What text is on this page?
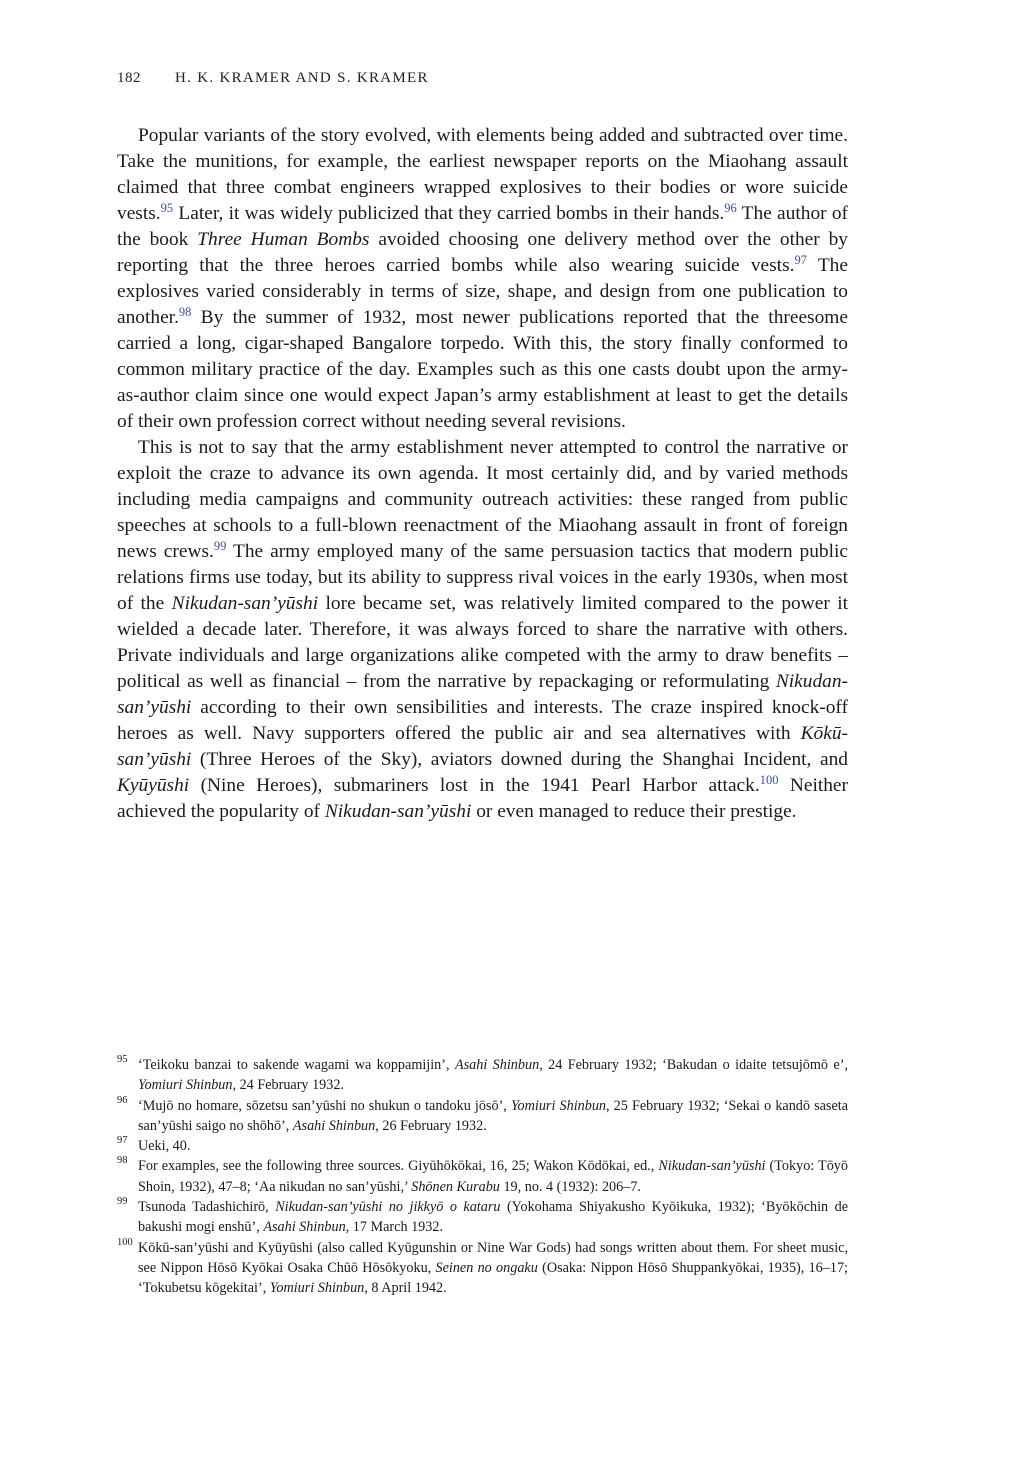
182 H. K. KRAMER AND S. KRAMER

Popular variants of the story evolved, with elements being added and subtracted over time. Take the munitions, for example, the earliest newspaper reports on the Miaohang assault claimed that three combat engineers wrapped explosives to their bodies or wore suicide vests.$^{95}$ Later, it was widely publicized that they carried bombs in their hands.$^{96}$ The author of the book Three Human Bombs avoided choosing one delivery method over the other by reporting that the three heroes carried bombs while also wearing suicide vests.$^{97}$ The explosives varied considerably in terms of size, shape, and design from one publication to another.$^{98}$ By the summer of 1932, most newer publications reported that the threesome carried a long, cigar-shaped Bangalore torpedo. With this, the story finally conformed to common military practice of the day. Examples such as this one casts doubt upon the army-as-author claim since one would expect Japan’s army establishment at least to get the details of their own profession correct without needing several revisions.

This is not to say that the army establishment never attempted to control the narrative or exploit the craze to advance its own agenda. It most certainly did, and by varied methods including media campaigns and community outreach activities: these ranged from public speeches at schools to a full-blown reenactment of the Miaohang assault in front of foreign news crews.$^{99}$ The army employed many of the same persuasion tactics that modern public relations firms use today, but its ability to suppress rival voices in the early 1930s, when most of the Nikudan-san’yūshi lore became set, was relatively limited compared to the power it wielded a decade later. Therefore, it was always forced to share the narrative with others. Private individuals and large organizations alike competed with the army to draw benefits – political as well as financial – from the narrative by repackaging or reformulating Nikudan-san’yūshi according to their own sensibilities and interests. The craze inspired knock-off heroes as well. Navy supporters offered the public air and sea alternatives with Kōkū-san’yūshi (Three Heroes of the Sky), aviators downed during the Shanghai Incident, and Kyūyūshi (Nine Heroes), submariners lost in the 1941 Pearl Harbor attack.$^{100}$ Neither achieved the popularity of Nikudan-san’yūshi or even managed to reduce their prestige.

95 ‘Teikoku banzai to sakende wagami wa koppamijin’, Asahi Shinbun, 24 February 1932; ‘Bakudan o idaite tetsujōmō e’, Yomiuri Shinbun, 24 February 1932.

96 ‘Mujō no homare, sōzetsu san’yūshi no shukun o tandoku jōsō’, Yomiuri Shinbun, 25 February 1932; ‘Sekai o kandō saseta san’yūshi saigo no shōhō’, Asahi Shinbun, 26 February 1932.

97 Ueki, 40.

98 For examples, see the following three sources. Giyūhōkōkai, 16, 25; Wakon Kōdōkai, ed., Nikudan-san’yūshi (Tokyo: Tōyō Shoin, 1932), 47–8; ‘Aa nikudan no san’yūshi,’ Shōnen Kurabu 19, no. 4 (1932): 206–7.

99 Tsunoda Tadashichirō, Nikudan-san’yūshi no jikkyō o kataru (Yokohama Shiyakusho Kyōikuka, 1932); ‘Byōkōchin de bakushi mogi enshū’, Asahi Shinbun, 17 March 1932.

100 Kōkū-san’yūshi and Kyūyūshi (also called Kyūgunshin or Nine War Gods) had songs written about them. For sheet music, see Nippon Hōsō Kyōkai Osaka Chūō Hōsōkyoku, Seinen no ongaku (Osaka: Nippon Hōsō Shuppankyōkai, 1935), 16–17; ‘Tokubetsu kōgekitai’, Yomiuri Shinbun, 8 April 1942.
